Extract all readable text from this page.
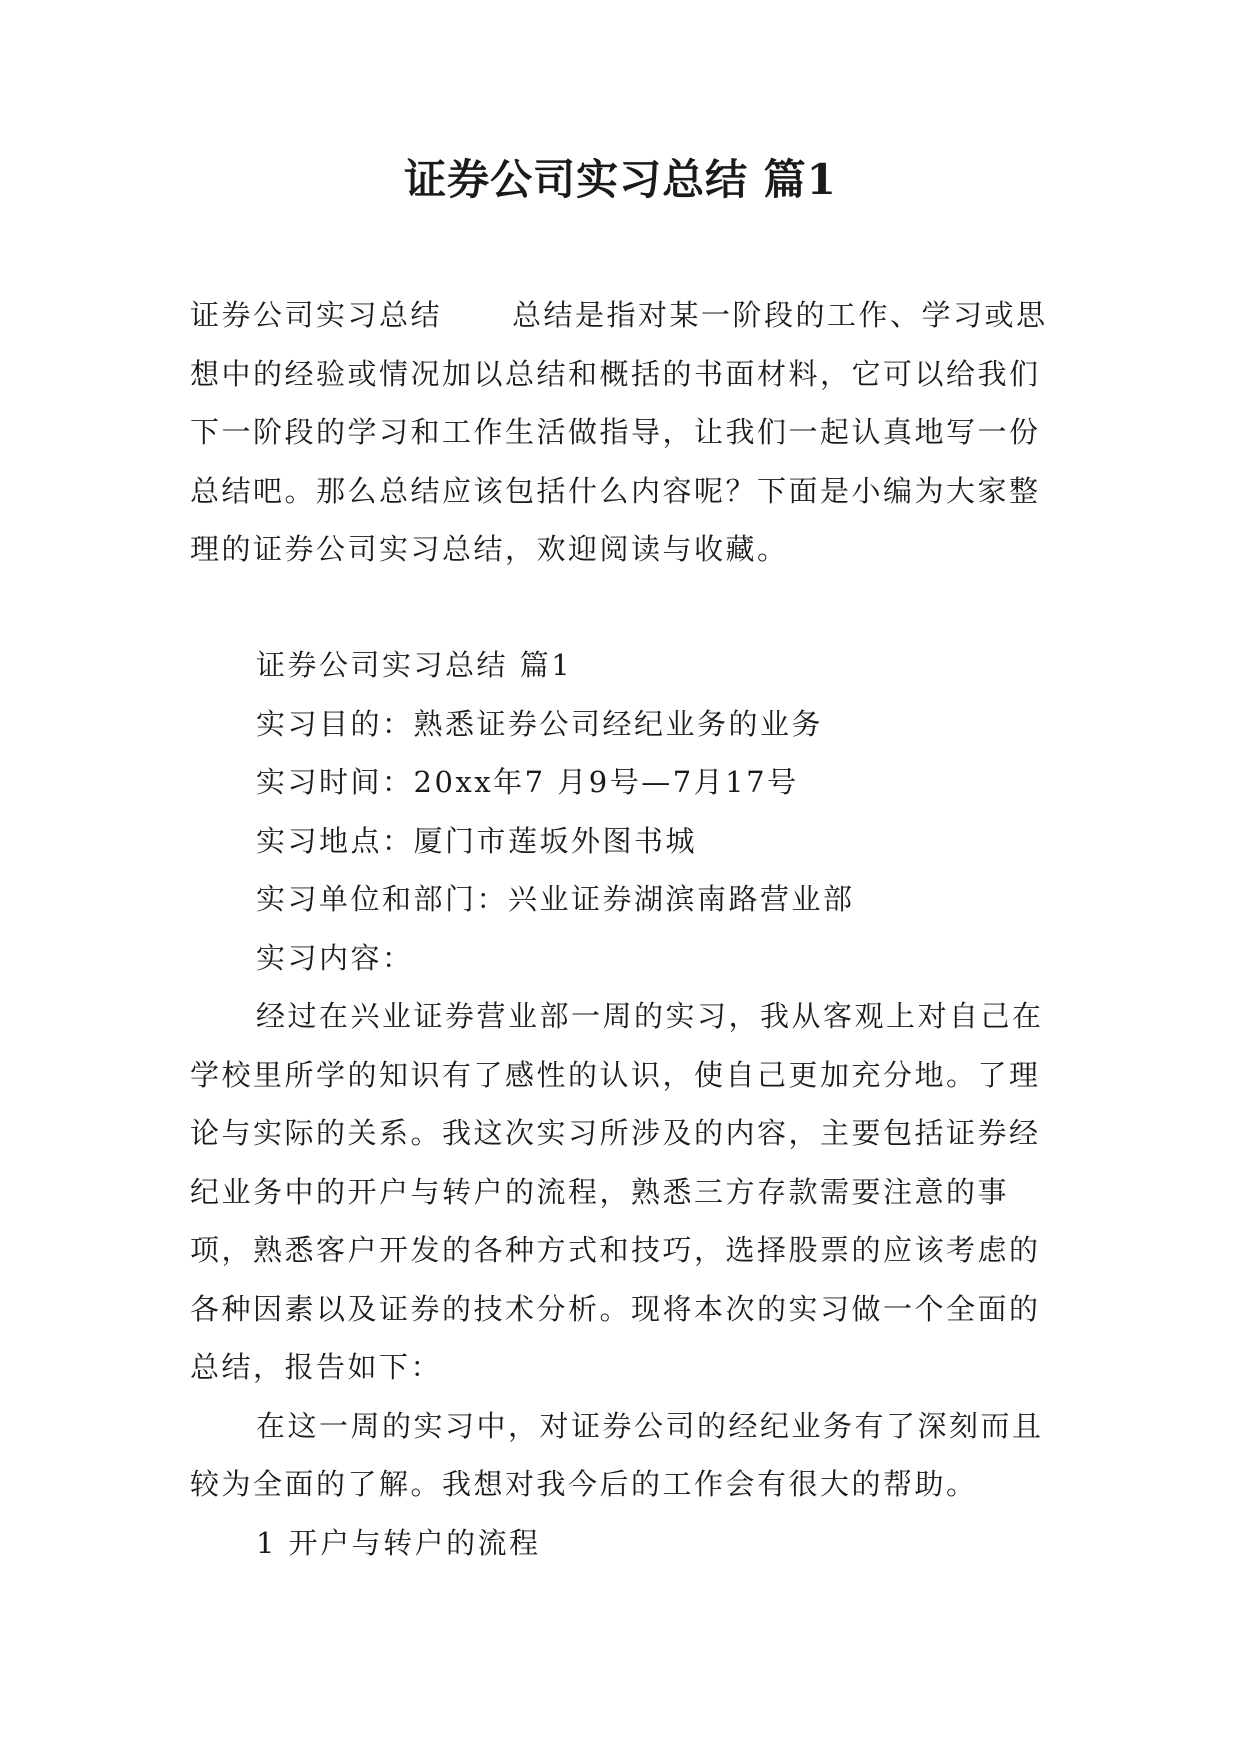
证券公司实习总结 篇1

证券公司实习总结 总结是指对某一阶段的工作、学习或思想中的经验或情况加以总结和概括的书面材料，它可以给我们下一阶段的学习和工作生活做指导，让我们一起认真地写一份总结吧。那么总结应该包括什么内容呢？下面是小编为大家整理的证券公司实习总结，欢迎阅读与收藏。

证券公司实习总结 篇1

实习目的：熟悉证券公司经纪业务的业务

实习时间：20xx年7 月9号—7月17号

实习地点：厦门市莲坂外图书城

实习单位和部门：兴业证券湖滨南路营业部

实习内容：

经过在兴业证券营业部一周的实习，我从客观上对自己在学校里所学的知识有了感性的认识，使自己更加充分地。了理论与实际的关系。我这次实习所涉及的内容，主要包括证券经纪业务中的开户与转户的流程，熟悉三方存款需要注意的事项，熟悉客户开发的各种方式和技巧，选择股票的应该考虑的各种因素以及证券的技术分析。现将本次的实习做一个全面的总结，报告如下：

在这一周的实习中，对证券公司的经纪业务有了深刻而且较为全面的了解。我想对我今后的工作会有很大的帮助。

1 开户与转户的流程
